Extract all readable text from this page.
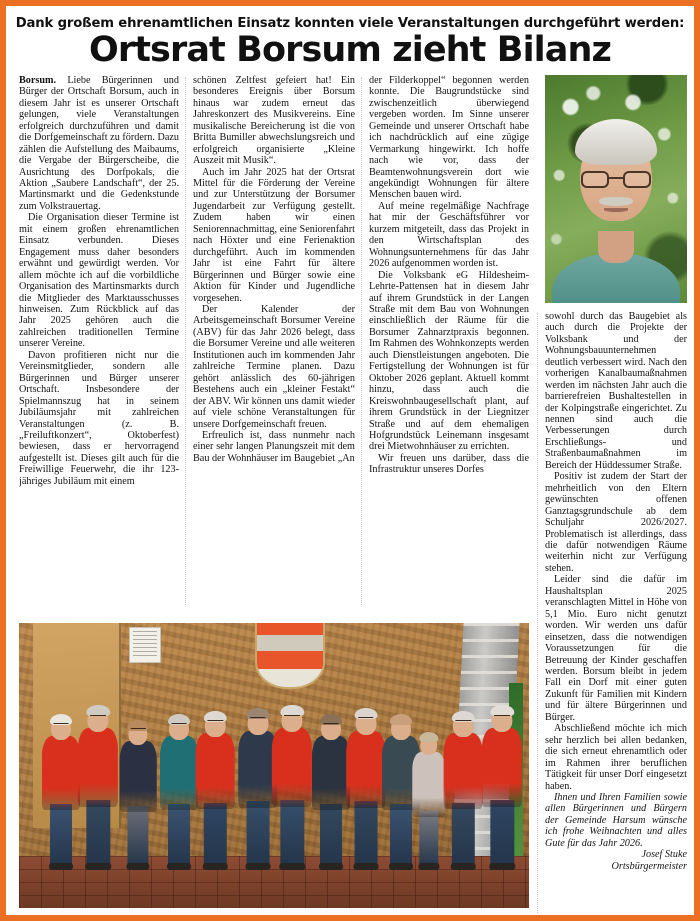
Dank großem ehrenamtlichen Einsatz konnten viele Veranstaltungen durchgeführt werden:
Ortsrat Borsum zieht Bilanz

Borsum. Liebe Bürgerinnen und Bürger der Ortschaft Borsum, auch in diesem Jahr ist es unserer Ortschaft gelungen, viele Veranstaltungen erfolgreich durchzuführen und damit die Dorfgemeinschaft zu fördern. Dazu zählen die Aufstellung des Maibaums, die Vergabe der Bürgerscheibe, die Ausrichtung des Dorfpokals, die Aktion „Saubere Landschaft“, der 25. Martinsmarkt und die Gedenkstunde zum Volkstrauertag.

Die Organisation dieser Termine ist mit einem großen ehrenamtlichen Einsatz verbunden. Dieses Engagement muss daher besonders erwähnt und gewürdigt werden. Vor allem möchte ich auf die vorbildliche Organisation des Martinsmarkts durch die Mitglieder des Marktausschusses hinweisen. Zum Rückblick auf das Jahr 2025 gehören auch die zahlreichen traditionellen Termine unserer Vereine.

Davon profitieren nicht nur die Vereinsmitglieder, sondern alle Bürgerinnen und Bürger unserer Ortschaft. Insbesondere der Spielmannszug hat in seinem Jubiläumsjahr mit zahlreichen Veranstaltungen (z. B. „Freiluftkonzert“, Oktoberfest) bewiesen, dass er hervorragend aufgestellt ist. Dieses gilt auch für die Freiwillige Feuerwehr, die ihr 123-jähriges Jubiläum mit einem

schönen Zeltfest gefeiert hat! Ein besonderes Ereignis über Borsum hinaus war zudem erneut das Jahreskonzert des Musikvereins. Eine musikalische Bereicherung ist die von Britta Bumiller abwechslungsreich und erfolgreich organisierte „Kleine Auszeit mit Musik“.

Auch im Jahr 2025 hat der Ortsrat Mittel für die Förderung der Vereine und zur Unterstützung der Borsumer Jugendarbeit zur Verfügung gestellt. Zudem haben wir einen Seniorennachmittag, eine Seniorenfahrt nach Höxter und eine Ferienaktion durchgeführt. Auch im kommenden Jahr ist eine Fahrt für ältere Bürgerinnen und Bürger sowie eine Aktion für Kinder und Jugendliche vorgesehen.

Der Kalender der Arbeitsgemeinschaft Borsumer Vereine (ABV) für das Jahr 2026 belegt, dass die Borsumer Vereine und alle weiteren Institutionen auch im kommenden Jahr zahlreiche Termine planen. Dazu gehört anlässlich des 60-jährigen Bestehens auch ein „kleiner Festakt“ der ABV. Wir können uns damit wieder auf viele schöne Veranstaltungen für unsere Dorfgemeinschaft freuen.

Erfreulich ist, dass nunmehr nach einer sehr langen Planungszeit mit dem Bau der Wohnhäuser im Baugebiet „An

der Filderkoppel“ begonnen werden konnte. Die Baugrundstücke sind zwischenzeitlich überwiegend vergeben worden. Im Sinne unserer Gemeinde und unserer Ortschaft habe ich nachdrücklich auf eine zügige Vermarkung hingewirkt. Ich hoffe nach wie vor, dass der Beamtenwohnungsverein dort wie angekündigt Wohnungen für ältere Menschen bauen wird.

Auf meine regelmäßige Nachfrage hat mir der Geschäftsführer vor kurzem mitgeteilt, dass das Projekt in den Wirtschaftsplan des Wohnungsunternehmens für das Jahr 2026 aufgenommen worden ist.

Die Volksbank eG Hildesheim-Lehrte-Pattensen hat in diesem Jahr auf ihrem Grundstück in der Langen Straße mit dem Bau von Wohnungen einschließlich der Räume für die Borsumer Zahnarztpraxis begonnen. Im Rahmen des Wohnkonzepts werden auch Dienstleistungen angeboten. Die Fertigstellung der Wohnungen ist für Oktober 2026 geplant. Aktuell kommt hinzu, dass auch die Kreiswohnbaugesellschaft plant, auf ihrem Grundstück in der Liegnitzer Straße und auf dem ehemaligen Hofgrundstück Leinemann insgesamt drei Mietwohnhäuser zu errichten.

Wir freuen uns darüber, dass die Infrastruktur unseres Dorfes

sowohl durch das Baugebiet als auch durch die Projekte der Volksbank und der Wohnungsbauunternehmen deutlich verbessert wird. Nach den vorherigen Kanalbaumaßnahmen werden im nächsten Jahr auch die barrierefreien Bushaltestellen in der Kolpingstraße eingerichtet. Zu nennen sind auch die Verbesserungen durch Erschließungs- und Straßenbaumaßnahmen im Bereich der Hüddessumer Straße.

Positiv ist zudem der Start der mehrheitlich von den Eltern gewünschten offenen Ganztagsgrundschule ab dem Schuljahr 2026/2027. Problematisch ist allerdings, dass die dafür notwendigen Räume weiterhin nicht zur Verfügung stehen.

Leider sind die dafür im Haushaltsplan 2025 veranschlagten Mittel in Höhe von 5,1 Mio. Euro nicht genutzt worden. Wir werden uns dafür einsetzen, dass die notwendigen Voraussetzungen für die Betreuung der Kinder geschaffen werden. Borsum bleibt in jedem Fall ein Dorf mit einer guten Zukunft für Familien mit Kindern und für ältere Bürgerinnen und Bürger.

Abschließend möchte ich mich sehr herzlich bei allen bedanken, die sich erneut ehrenamtlich oder im Rahmen ihrer beruflichen Tätigkeit für unser Dorf eingesetzt haben.

Ihnen und Ihren Familien sowie allen Bürgerinnen und Bürgern der Gemeinde Harsum wünsche ich frohe Weihnachten und alles Gute für das Jahr 2026.

Josef Stuke

Ortsbürgermeister
